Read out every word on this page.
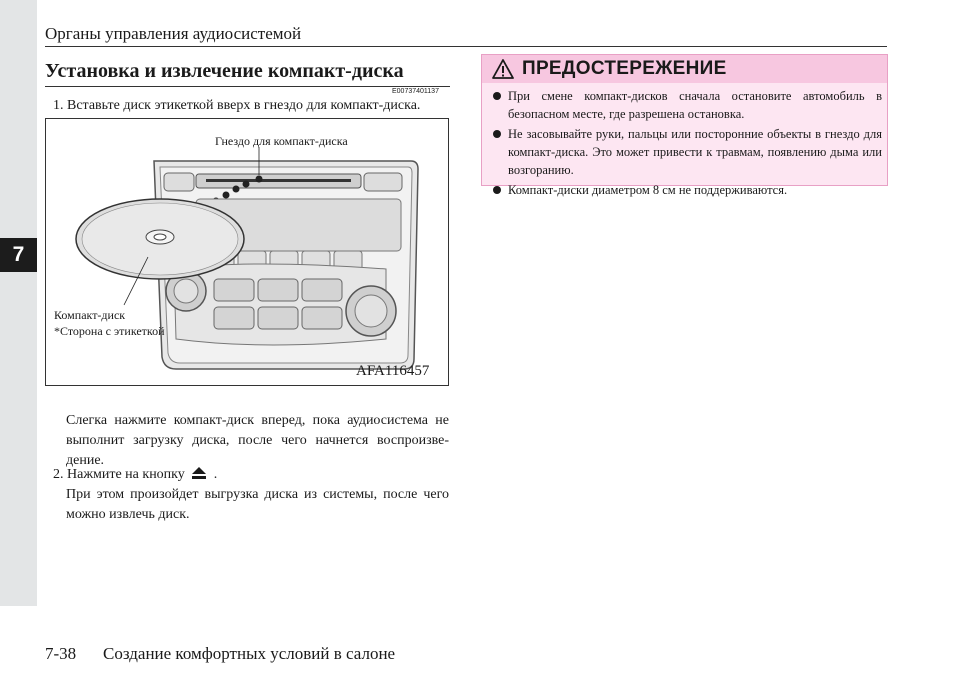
7
Органы управления аудиосистемой
Установка и извлечение компакт-диска
E00737401137
1. Вставьте диск этикеткой вверх в гнездо для компакт-диска.
Гнездо для компакт-диска
Компакт-диск
*Сторона с этикеткой
AFA116457
Слегка нажмите компакт-диск вперед, пока аудиосистема не выполнит загрузку диска, после чего начнется воспроизве-дение.
2. Нажмите на кнопку .
При этом произойдет выгрузка диска из системы, после чего можно извлечь диск.
ПРЕДОСТЕРЕЖЕНИЕ
При смене компакт-дисков сначала остановите автомобиль в безопасном месте, где разрешена остановка.
Не засовывайте руки, пальцы или посторонние объекты в гнездо для компакт-диска. Это может привести к травмам, появлению дыма или возгоранию.
Компакт-диски диаметром 8 см не поддерживаются.
7-38 Создание комфортных условий в салоне
